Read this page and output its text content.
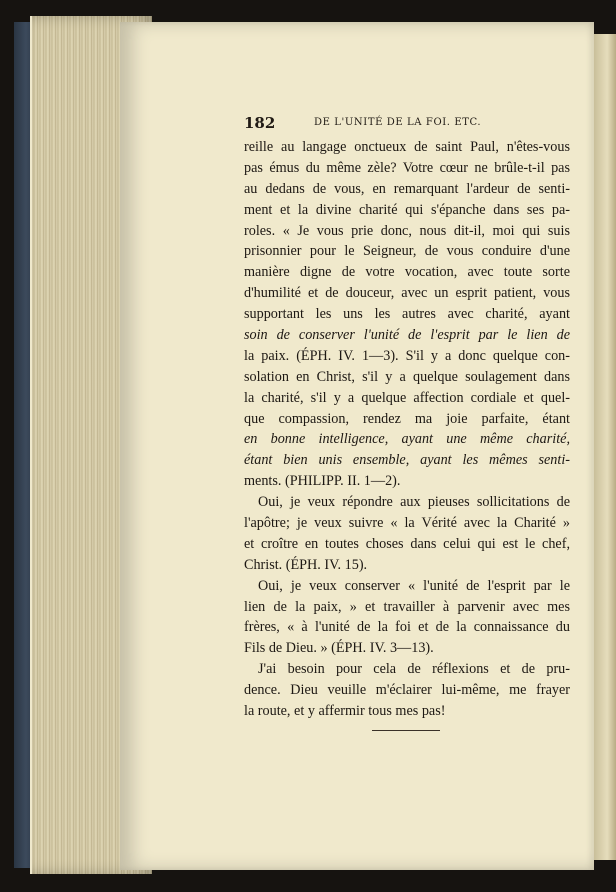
182	DE L'UNITÉ DE LA FOI. ETC.
reille au langage onctueux de saint Paul, n'êtes-vous
pas émus du même zèle? Votre cœur ne brûle-t-il pas
au dedans de vous, en remarquant l'ardeur de senti-
ment et la divine charité qui s'épanche dans ses pa-
roles. « Je vous prie donc, nous dit-il, moi qui suis
prisonnier pour le Seigneur, de vous conduire d'une
manière digne de votre vocation, avec toute sorte
d'humilité et de douceur, avec un esprit patient, vous
supportant les uns les autres avec charité, ayant
soin de conserver l'unité de l'esprit par le lien de
la paix. (ÉPH. IV. 1—3). S'il y a donc quelque con-
solation en Christ, s'il y a quelque soulagement dans
la charité, s'il y a quelque affection cordiale et quel-
que compassion, rendez ma joie parfaite, étant
en bonne intelligence, ayant une même charité,
étant bien unis ensemble, ayant les mêmes senti-
ments. (PHILIPP. II. 1—2).
Oui, je veux répondre aux pieuses sollicitations de
l'apôtre; je veux suivre « la Vérité avec la Charité »
et croître en toutes choses dans celui qui est le chef,
Christ. (ÉPH. IV. 15).
Oui, je veux conserver « l'unité de l'esprit par le
lien de la paix, » et travailler à parvenir avec mes
frères, « à l'unité de la foi et de la connaissance du
Fils de Dieu. » (ÉPH. IV. 3—13).
J'ai besoin pour cela de réflexions et de pru-
dence. Dieu veuille m'éclairer lui-même, me frayer
la route, et y affermir tous mes pas!
